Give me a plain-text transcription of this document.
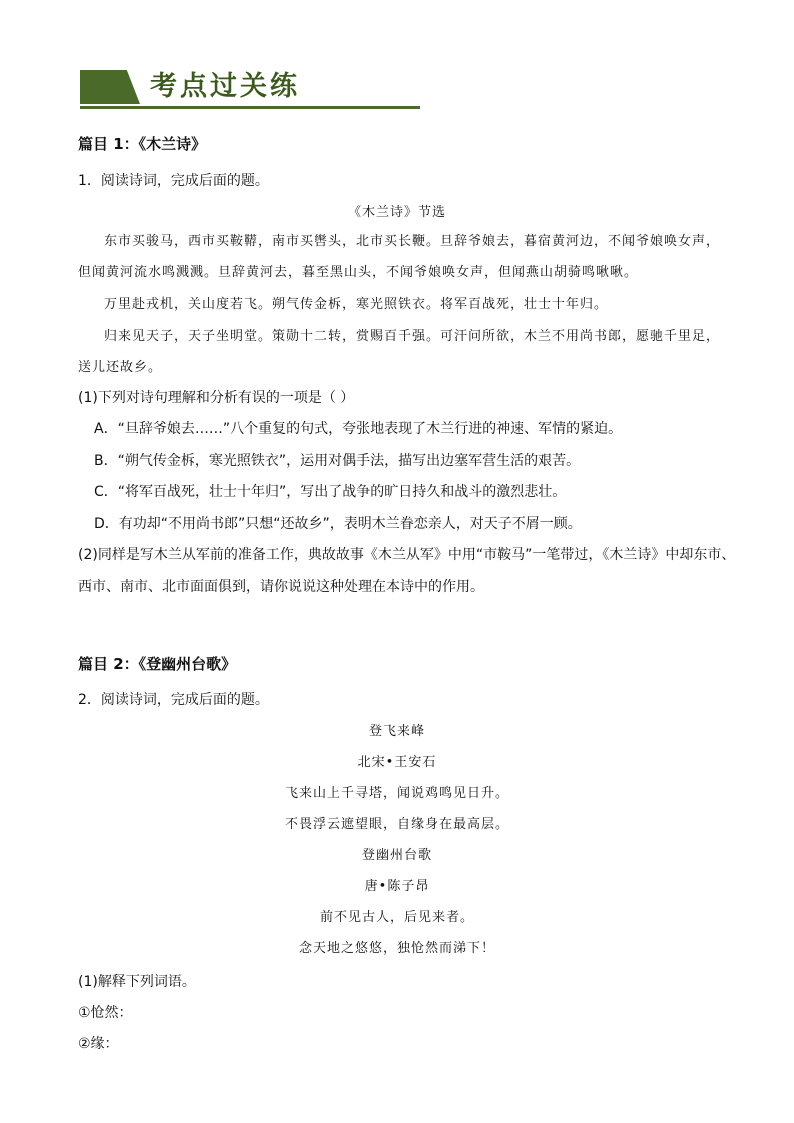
考点过关练
篇目 1：《木兰诗》
1．阅读诗词，完成后面的题。
《木兰诗》节选
东市买骏马，西市买鞍鞯，南市买辔头，北市买长鞭。旦辞爷娘去，暮宿黄河边，不闻爷娘唤女声，
但闻黄河流水鸣溅溅。旦辞黄河去，暮至黑山头，不闻爷娘唤女声，但闻燕山胡骑鸣啾啾。
万里赴戎机，关山度若飞。朔气传金柝，寒光照铁衣。将军百战死，壮士十年归。
归来见天子，天子坐明堂。策勋十二转，赏赐百千强。可汗问所欲，木兰不用尚书郎，愿驰千里足，
送儿还故乡。
(1)下列对诗句理解和分析有误的一项是（ ）
A．“旦辞爷娘去……”八个重复的句式，夸张地表现了木兰行进的神速、军情的紧迫。
B．“朔气传金柝，寒光照铁衣”，运用对偶手法，描写出边塞军营生活的艰苦。
C．“将军百战死，壮士十年归”，写出了战争的旷日持久和战斗的激烈悲壮。
D．有功却“不用尚书郎”只想“还故乡”，表明木兰眷恋亲人，对天子不屑一顾。
(2)同样是写木兰从军前的准备工作，典故故事《木兰从军》中用“市鞍马”一笔带过，《木兰诗》中却东市、
西市、南市、北市面面俱到，请你说说这种处理在本诗中的作用。
篇目 2：《登幽州台歌》
2．阅读诗词，完成后面的题。
登飞来峰
北宋•王安石
飞来山上千寻塔，闻说鸡鸣见日升。
不畏浮云遮望眼，自缘身在最高层。
登幽州台歌
唐•陈子昂
前不见古人，后见来者。
念天地之悠悠，独怆然而涕下！
(1)解释下列词语。
①怆然：
②缘：
